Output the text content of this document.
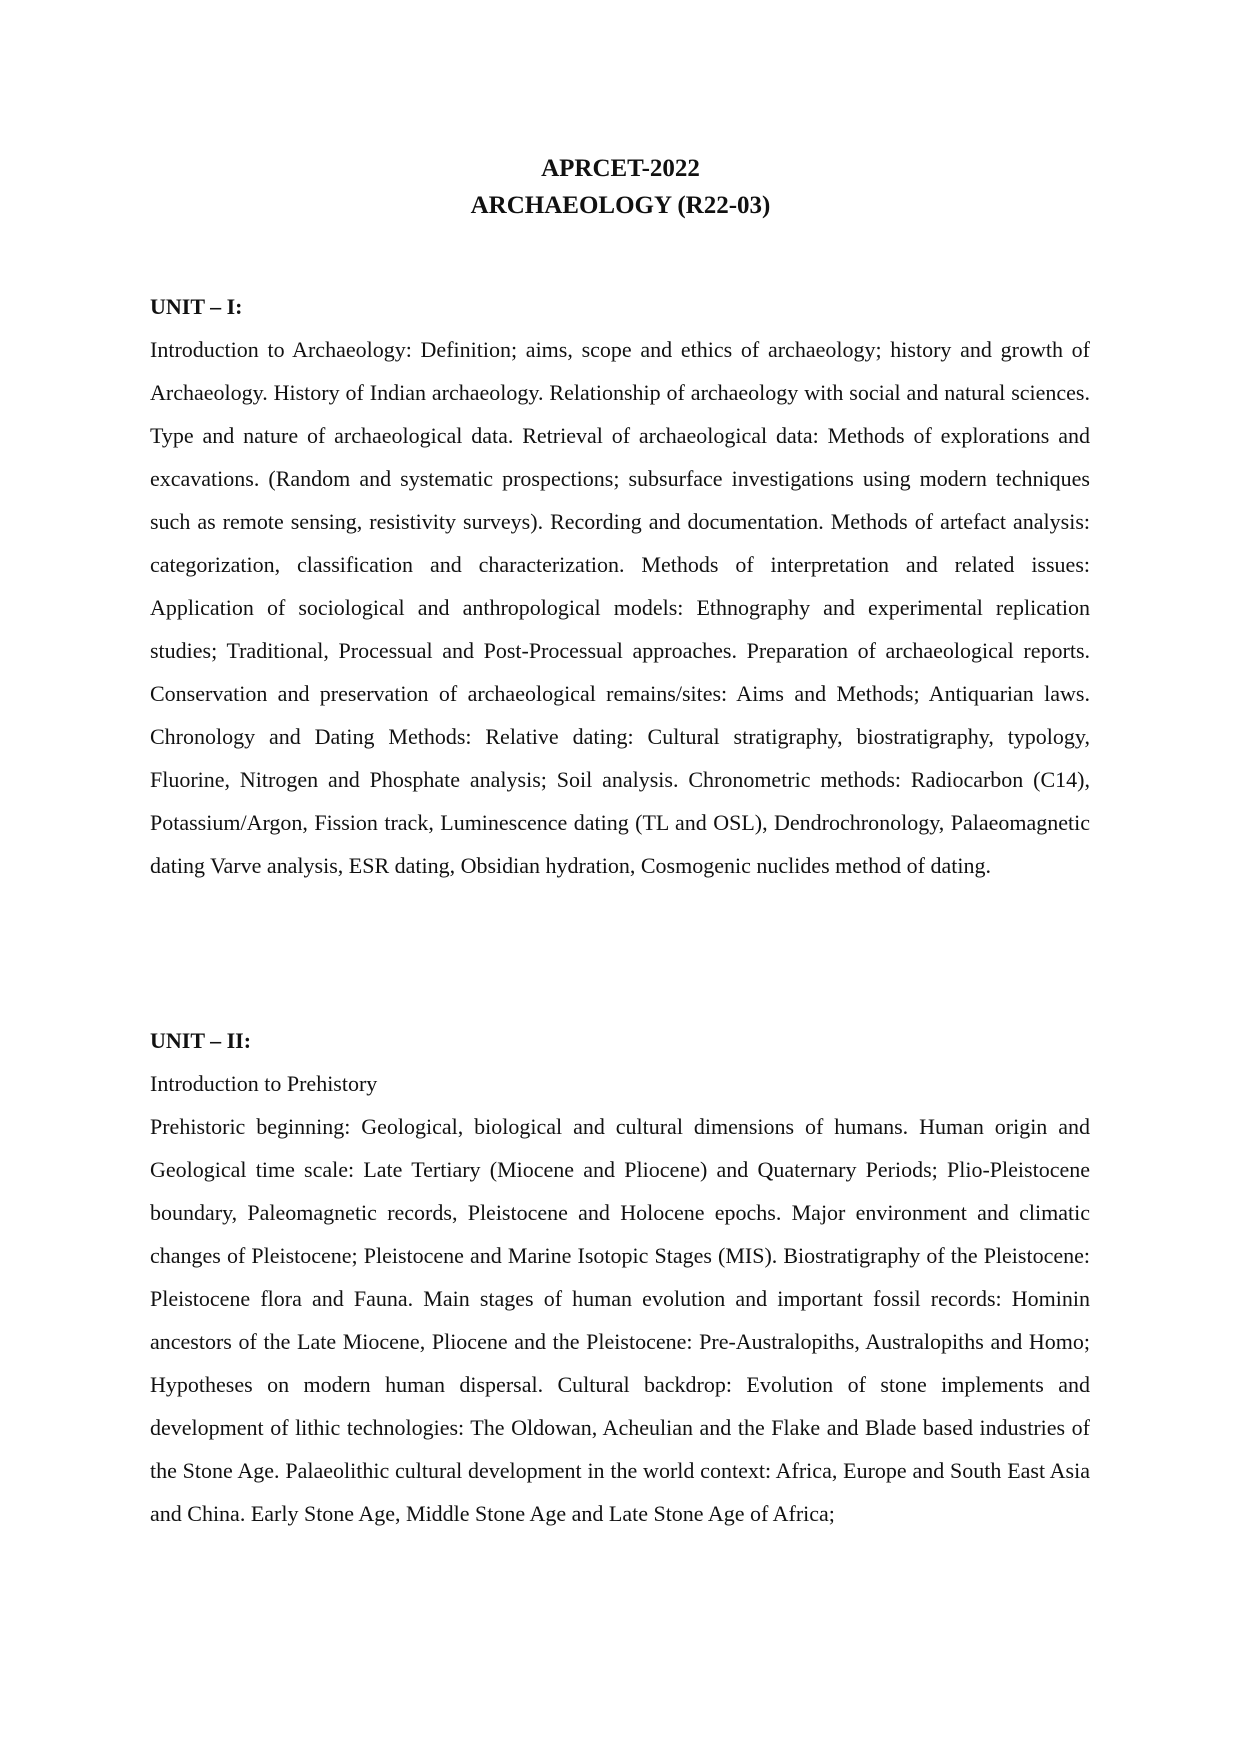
APRCET-2022
ARCHAEOLOGY (R22-03)

UNIT – I:

Introduction to Archaeology: Definition; aims, scope and ethics of archaeology; history and growth of Archaeology. History of Indian archaeology. Relationship of archaeology with social and natural sciences. Type and nature of archaeological data. Retrieval of archaeological data: Methods of explorations and excavations. (Random and systematic prospections; subsurface investigations using modern techniques such as remote sensing, resistivity surveys). Recording and documentation. Methods of artefact analysis: categorization, classification and characterization. Methods of interpretation and related issues: Application of sociological and anthropological models: Ethnography and experimental replication studies; Traditional, Processual and Post-Processual approaches. Preparation of archaeological reports. Conservation and preservation of archaeological remains/sites: Aims and Methods; Antiquarian laws. Chronology and Dating Methods: Relative dating: Cultural stratigraphy, biostratigraphy, typology, Fluorine, Nitrogen and Phosphate analysis; Soil analysis. Chronometric methods: Radiocarbon (C14), Potassium/Argon, Fission track, Luminescence dating (TL and OSL), Dendrochronology, Palaeomagnetic dating Varve analysis, ESR dating, Obsidian hydration, Cosmogenic nuclides method of dating.

UNIT – II:

Introduction to Prehistory

Prehistoric beginning: Geological, biological and cultural dimensions of humans. Human origin and Geological time scale: Late Tertiary (Miocene and Pliocene) and Quaternary Periods; Plio-Pleistocene boundary, Paleomagnetic records, Pleistocene and Holocene epochs. Major environment and climatic changes of Pleistocene; Pleistocene and Marine Isotopic Stages (MIS). Biostratigraphy of the Pleistocene: Pleistocene flora and Fauna. Main stages of human evolution and important fossil records: Hominin ancestors of the Late Miocene, Pliocene and the Pleistocene: Pre-Australopiths, Australopiths and Homo; Hypotheses on modern human dispersal. Cultural backdrop: Evolution of stone implements and development of lithic technologies: The Oldowan, Acheulian and the Flake and Blade based industries of the Stone Age. Palaeolithic cultural development in the world context: Africa, Europe and South East Asia and China. Early Stone Age, Middle Stone Age and Late Stone Age of Africa;
